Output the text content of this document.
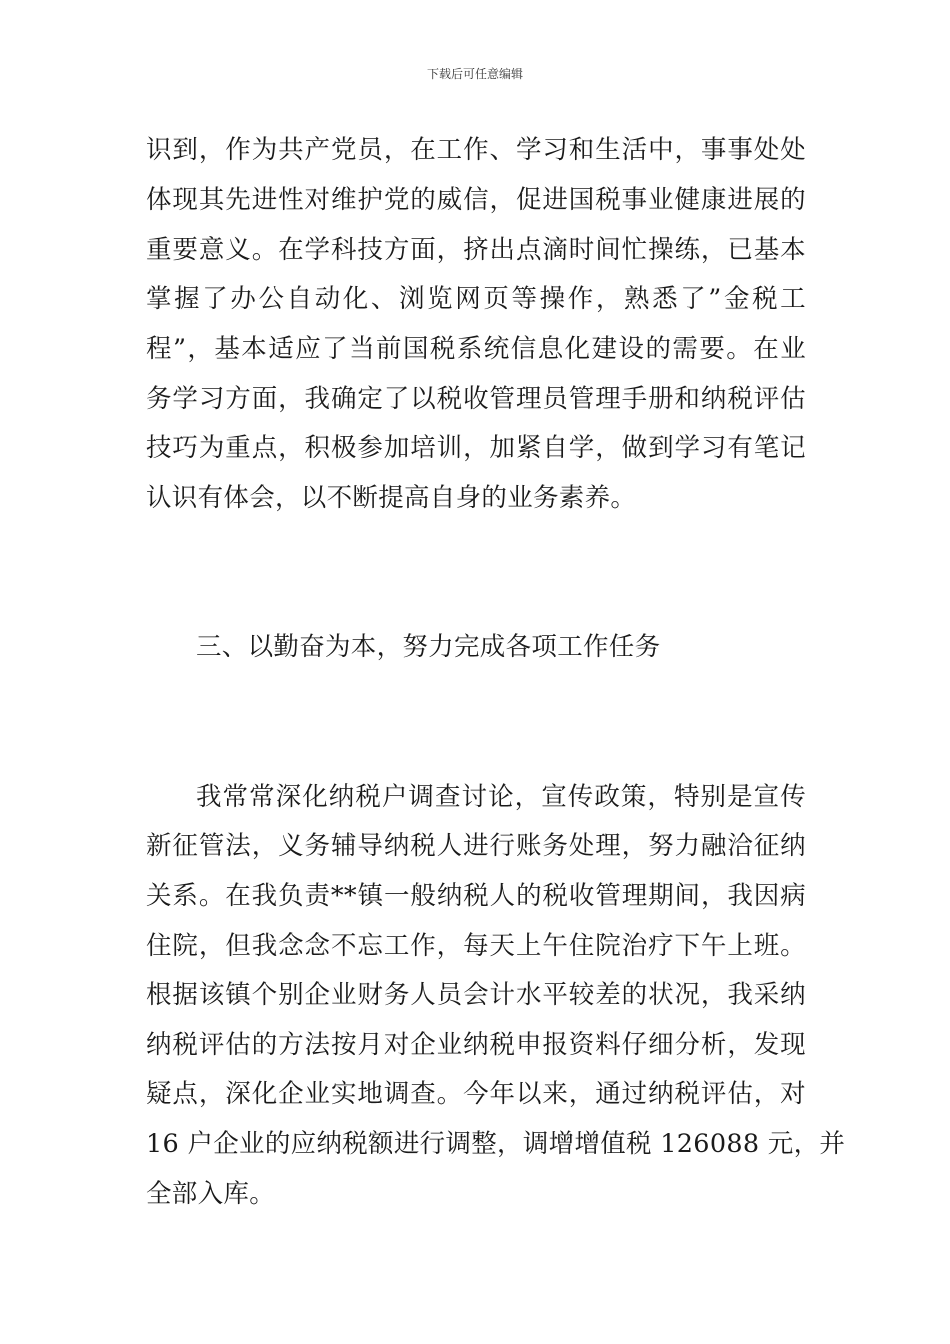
下载后可任意编辑
识到，作为共产党员，在工作、学习和生活中，事事处处
体现其先进性对维护党的威信，促进国税事业健康进展的
重要意义。在学科技方面，挤出点滴时间忙操练，已基本
掌握了办公自动化、浏览网页等操作，熟悉了”金税工
程”，基本适应了当前国税系统信息化建设的需要。在业
务学习方面，我确定了以税收管理员管理手册和纳税评估
技巧为重点，积极参加培训，加紧自学，做到学习有笔记
认识有体会，以不断提高自身的业务素养。
三、以勤奋为本，努力完成各项工作任务
我常常深化纳税户调查讨论，宣传政策，特别是宣传
新征管法，义务辅导纳税人进行账务处理，努力融洽征纳
关系。在我负责**镇一般纳税人的税收管理期间，我因病
住院，但我念念不忘工作，每天上午住院治疗下午上班。
根据该镇个别企业财务人员会计水平较差的状况，我采纳
纳税评估的方法按月对企业纳税申报资料仔细分析，发现
疑点，深化企业实地调查。今年以来，通过纳税评估，对
16 户企业的应纳税额进行调整，调增增值税 126088 元，并
全部入库。
